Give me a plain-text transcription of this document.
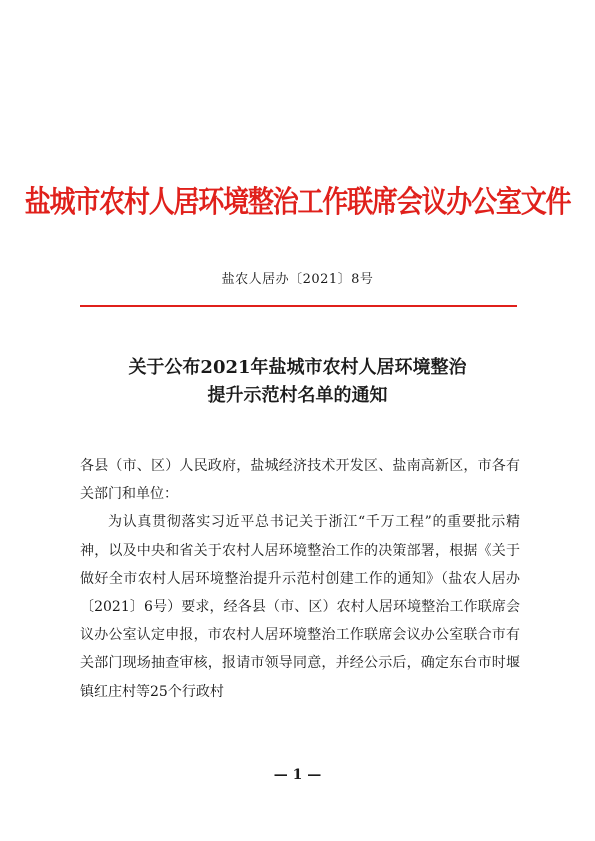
盐城市农村人居环境整治工作联席会议办公室文件
盐农人居办〔2021〕8号
关于公布2021年盐城市农村人居环境整治
提升示范村名单的通知

各县（市、区）人民政府，盐城经济技术开发区、盐南高新区，市各有关部门和单位：

为认真贯彻落实习近平总书记关于浙江“千万工程”的重要批示精神，以及中央和省关于农村人居环境整治工作的决策部署，根据《关于做好全市农村人居环境整治提升示范村创建工作的通知》（盐农人居办〔2021〕6号）要求，经各县（市、区）农村人居环境整治工作联席会议办公室认定申报，市农村人居环境整治工作联席会议办公室联合市有关部门现场抽查审核，报请市领导同意，并经公示后，确定东台市时堰镇红庄村等25个行政村

— 1 —
